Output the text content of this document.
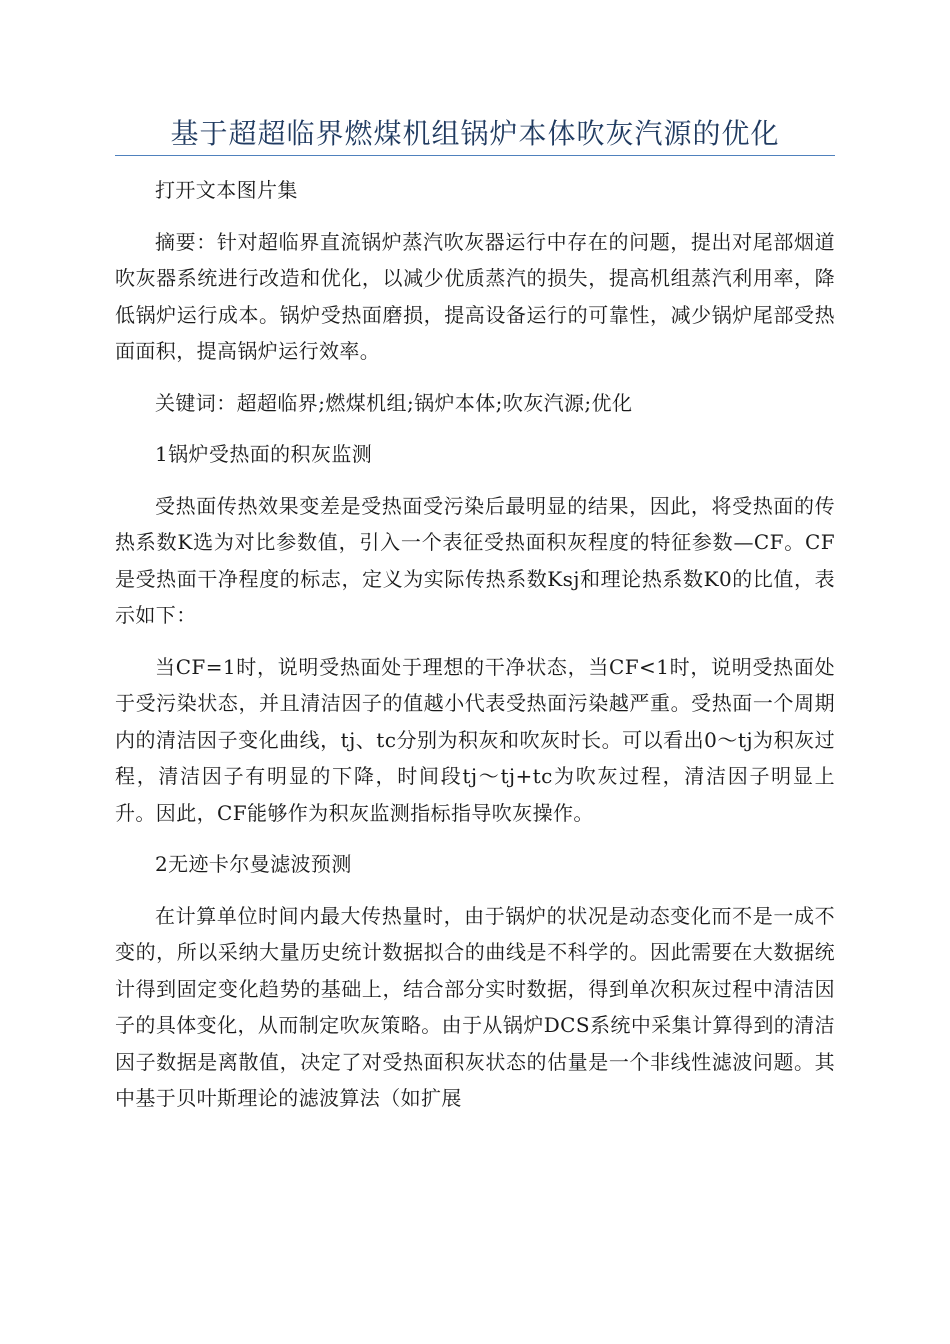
基于超超临界燃煤机组锅炉本体吹灰汽源的优化

打开文本图片集

摘要：针对超临界直流锅炉蒸汽吹灰器运行中存在的问题，提出对尾部烟道吹灰器系统进行改造和优化，以减少优质蒸汽的损失，提高机组蒸汽利用率，降低锅炉运行成本。锅炉受热面磨损，提高设备运行的可靠性，减少锅炉尾部受热面面积，提高锅炉运行效率。

关键词：超超临界;燃煤机组;锅炉本体;吹灰汽源;优化

1锅炉受热面的积灰监测

受热面传热效果变差是受热面受污染后最明显的结果，因此，将受热面的传热系数K选为对比参数值，引入一个表征受热面积灰程度的特征参数—CF。CF是受热面干净程度的标志，定义为实际传热系数Ksj和理论热系数K0的比值，表示如下：

当CF=1时，说明受热面处于理想的干净状态，当CF<1时，说明受热面处于受污染状态，并且清洁因子的值越小代表受热面污染越严重。受热面一个周期内的清洁因子变化曲线，tj、tc分别为积灰和吹灰时长。可以看出0～tj为积灰过程，清洁因子有明显的下降，时间段tj～tj+tc为吹灰过程，清洁因子明显上升。因此，CF能够作为积灰监测指标指导吹灰操作。

2无迹卡尔曼滤波预测

在计算单位时间内最大传热量时，由于锅炉的状况是动态变化而不是一成不变的，所以采纳大量历史统计数据拟合的曲线是不科学的。因此需要在大数据统计得到固定变化趋势的基础上，结合部分实时数据，得到单次积灰过程中清洁因子的具体变化，从而制定吹灰策略。由于从锅炉DCS系统中采集计算得到的清洁因子数据是离散值，决定了对受热面积灰状态的估量是一个非线性滤波问题。其中基于贝叶斯理论的滤波算法（如扩展
